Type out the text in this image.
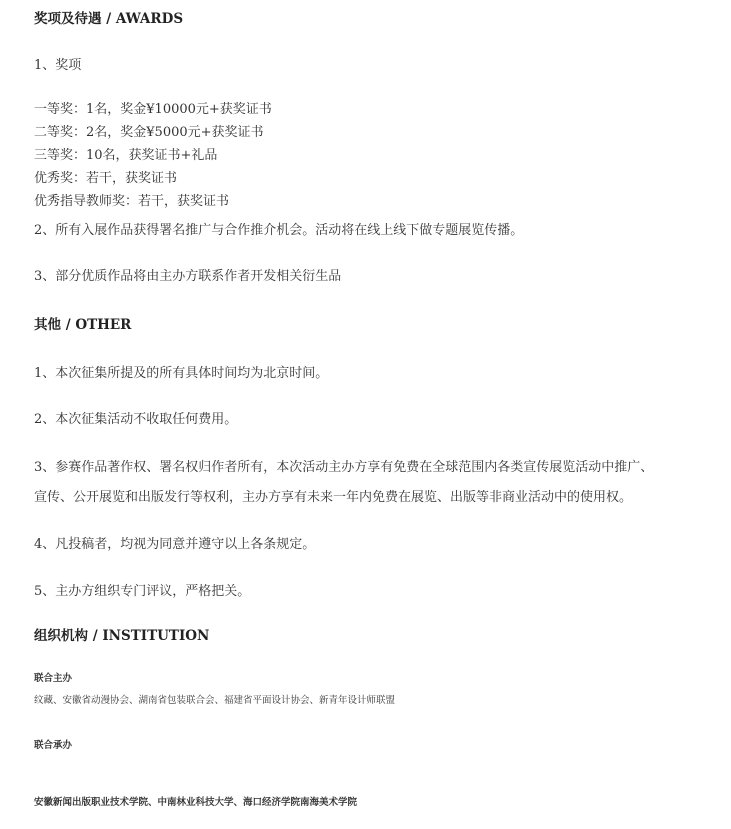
奖项及待遇 / AWARDS
1、奖项
一等奖：1名，奖金¥10000元+获奖证书
二等奖：2名，奖金¥5000元+获奖证书
三等奖：10名，获奖证书+礼品
优秀奖：若干，获奖证书
优秀指导教师奖：若干，获奖证书
2、所有入展作品获得署名推广与合作推介机会。活动将在线上线下做专题展览传播。
3、部分优质作品将由主办方联系作者开发相关衍生品
其他 / OTHER
1、本次征集所提及的所有具体时间均为北京时间。
2、本次征集活动不收取任何费用。
3、参赛作品著作权、署名权归作者所有，本次活动主办方享有免费在全球范围内各类宣传展览活动中推广、
宣传、公开展览和出版发行等权利，主办方享有未来一年内免费在展览、出版等非商业活动中的使用权。
4、凡投稿者，均视为同意并遵守以上各条规定。
5、主办方组织专门评议，严格把关。
组织机构 / INSTITUTION
联合主办
纹藏、安徽省动漫协会、湖南省包装联合会、福建省平面设计协会、新青年设计师联盟
联合承办
安徽新闻出版职业技术学院、中南林业科技大学、海口经济学院南海美术学院
